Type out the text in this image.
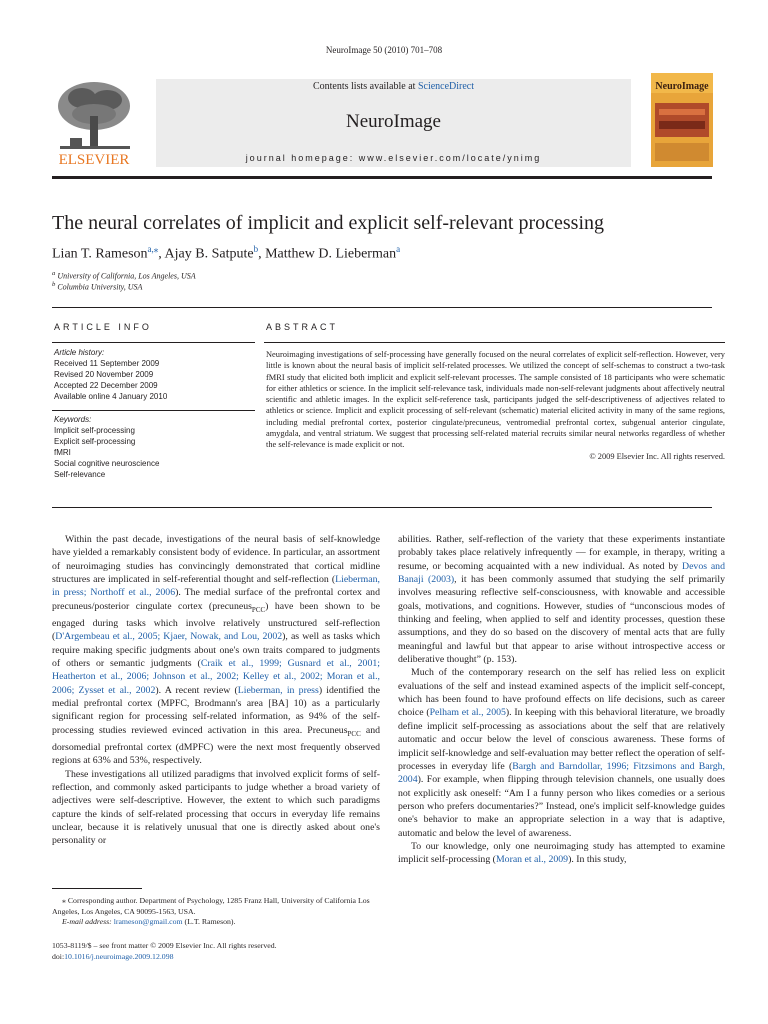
NeuroImage 50 (2010) 701–708
ELSEVIER
Contents lists available at ScienceDirect
NeuroImage
journal homepage: www.elsevier.com/locate/ynimg
NeuroImage
The neural correlates of implicit and explicit self-relevant processing
Lian T. Rameson$^{a,⁎}$, Ajay B. Satpute$^b$, Matthew D. Lieberman$^a$
$^a$ University of California, Los Angeles, USA
$^b$ Columbia University, USA
ARTICLE INFO
Article history:
Received 11 September 2009
Revised 20 November 2009
Accepted 22 December 2009
Available online 4 January 2010
Keywords:
Implicit self-processing
Explicit self-processing
fMRI
Social cognitive neuroscience
Self-relevance
ABSTRACT
Neuroimaging investigations of self-processing have generally focused on the neural correlates of explicit self-reflection. However, very little is known about the neural basis of implicit self-related processes. We utilized the concept of self-schemas to construct a two-task fMRI study that elicited both implicit and explicit self-relevant processes. The sample consisted of 18 participants who were schematic for either athletics or science. In the implicit self-relevance task, individuals made non-self-relevant judgments about affectively neutral scientific and athletic images. In the explicit self-reference task, participants judged the self-descriptiveness of adjectives related to athletics or science. Implicit and explicit processing of self-relevant (schematic) material elicited activity in many of the same regions, including medial prefrontal cortex, posterior cingulate/precuneus, ventromedial prefrontal cortex, subgenual anterior cingulate, amygdala, and ventral striatum. We suggest that processing self-related material recruits similar neural networks regardless of whether the self-relevance is made explicit or not.
© 2009 Elsevier Inc. All rights reserved.

Within the past decade, investigations of the neural basis of self-knowledge have yielded a remarkably consistent body of evidence. In particular, an assortment of neuroimaging studies has convincingly demonstrated that cortical midline structures are implicated in self-referential thought and self-reflection (Lieberman, in press; Northoff et al., 2006). The medial surface of the prefrontal cortex and precuneus/posterior cingulate cortex (precuneus$_{PCC}$) have been shown to be engaged during tasks which involve relatively unstructured self-reflection (D'Argembeau et al., 2005; Kjaer, Nowak, and Lou, 2002), as well as tasks which require making specific judgments about one's own traits compared to judgments of others or semantic judgments (Craik et al., 1999; Gusnard et al., 2001; Heatherton et al., 2006; Johnson et al., 2002; Kelley et al., 2002; Moran et al., 2006; Zysset et al., 2002). A recent review (Lieberman, in press) identified the medial prefrontal cortex (MPFC, Brodmann's area [BA] 10) as a particularly significant region for processing self-related information, as 94% of the self-processing studies reviewed evinced activation in this area. Precuneus$_{PCC}$ and dorsomedial prefrontal cortex (dMPFC) were the next most frequently observed regions at 63% and 53%, respectively.

These investigations all utilized paradigms that involved explicit forms of self-reflection, and commonly asked participants to judge whether a broad variety of adjectives were self-descriptive. However, the extent to which such paradigms capture the kinds of self-related processing that occurs in everyday life remains unclear, because it is relatively unusual that one is directly asked about one's personality or

⁎ Corresponding author. Department of Psychology, 1285 Franz Hall, University of California Los Angeles, Los Angeles, CA 90095-1563, USA.
E-mail address: lrameson@gmail.com (L.T. Rameson).
1053-8119/$ – see front matter © 2009 Elsevier Inc. All rights reserved.
doi:10.1016/j.neuroimage.2009.12.098

abilities. Rather, self-reflection of the variety that these experiments instantiate probably takes place relatively infrequently — for example, in therapy, writing a resume, or becoming acquainted with a new individual. As noted by Devos and Banaji (2003), it has been commonly assumed that studying the self primarily involves measuring reflective self-consciousness, with knowable and accessible goals, motivations, and cognitions. However, studies of “unconscious modes of thinking and feeling, when applied to self and identity processes, question these assumptions, and they do so based on the discovery of mental acts that are fully meaningful and lawful but that appear to arise without introspective access or deliberative thought” (p. 153).

Much of the contemporary research on the self has relied less on explicit evaluations of the self and instead examined aspects of the implicit self-concept, which has been found to have profound effects on life decisions, such as career choice (Pelham et al., 2005). In keeping with this behavioral literature, we broadly define implicit self-processing as associations about the self that are relatively automatic and occur below the level of conscious awareness. These forms of implicit self-knowledge and self-evaluation may better reflect the operation of self-processes in everyday life (Bargh and Barndollar, 1996; Fitzsimons and Bargh, 2004). For example, when flipping through television channels, one usually does not explicitly ask oneself: “Am I a funny person who likes comedies or a serious person who prefers documentaries?” Instead, one's implicit self-knowledge guides one's behavior to make an appropriate selection in a way that is adaptive, automatic and below the level of awareness.

To our knowledge, only one neuroimaging study has attempted to examine implicit self-processing (Moran et al., 2009). In this study,
